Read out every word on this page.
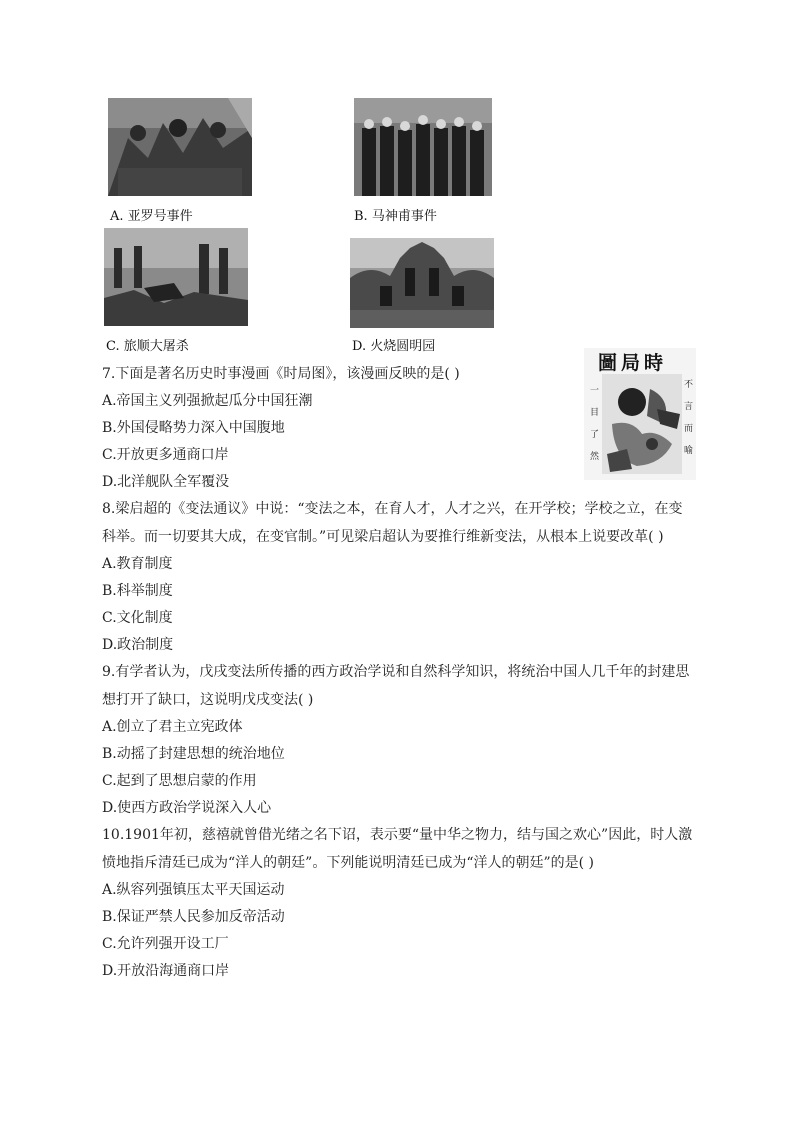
A. 亚罗号事件	B. 马神甫事件
C. 旅顺大屠杀	D. 火烧圆明园
圖局時
一目了然
不言而喻
7.下面是著名历史时事漫画《时局图》，该漫画反映的是( )
A.帝国主义列强掀起瓜分中国狂潮
B.外国侵略势力深入中国腹地
C.开放更多通商口岸
D.北洋舰队全军覆没
8.梁启超的《变法通议》中说：“变法之本，在育人才，人才之兴，在开学校；学校之立，在变
科举。而一切要其大成，在变官制。”可见梁启超认为要推行维新变法，从根本上说要改革( )
A.教育制度
B.科举制度
C.文化制度
D.政治制度
9.有学者认为，戊戌变法所传播的西方政治学说和自然科学知识，将统治中国人几千年的封建思
想打开了缺口，这说明戊戌变法( )
A.创立了君主立宪政体
B.动摇了封建思想的统治地位
C.起到了思想启蒙的作用
D.使西方政治学说深入人心
10.1901年初，慈禧就曾借光绪之名下诏，表示要“量中华之物力，结与国之欢心”因此，时人激
愤地指斥清廷已成为“洋人的朝廷”。下列能说明清廷已成为“洋人的朝廷”的是( )
A.纵容列强镇压太平天国运动
B.保证严禁人民参加反帝活动
C.允许列强开设工厂
D.开放沿海通商口岸
